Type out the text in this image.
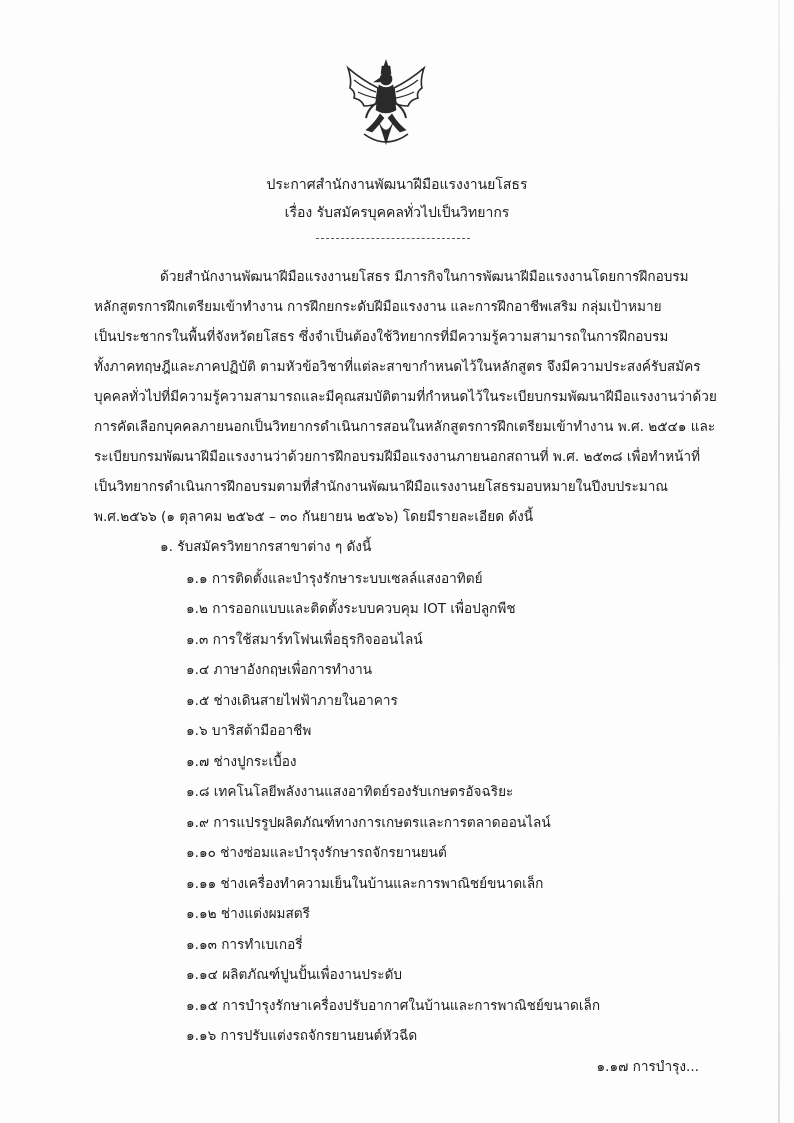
ประกาศสำนักงานพัฒนาฝีมือแรงงานยโสธร
เรื่อง รับสมัครบุคคลทั่วไปเป็นวิทยากร
ด้วยสำนักงานพัฒนาฝีมือแรงงานยโสธร มีภารกิจในการพัฒนาฝีมือแรงงานโดยการฝึกอบรม
หลักสูตรการฝึกเตรียมเข้าทำงาน การฝึกยกระดับฝีมือแรงงาน และการฝึกอาชีพเสริม กลุ่มเป้าหมาย
เป็นประชากรในพื้นที่จังหวัดยโสธร ซึ่งจำเป็นต้องใช้วิทยากรที่มีความรู้ความสามารถในการฝึกอบรม
ทั้งภาคทฤษฎีและภาคปฏิบัติ ตามหัวข้อวิชาที่แต่ละสาขากำหนดไว้ในหลักสูตร จึงมีความประสงค์รับสมัคร
บุคคลทั่วไปที่มีความรู้ความสามารถและมีคุณสมบัติตามที่กำหนดไว้ในระเบียบกรมพัฒนาฝีมือแรงงานว่าด้วย
การคัดเลือกบุคคลภายนอกเป็นวิทยากรดำเนินการสอนในหลักสูตรการฝึกเตรียมเข้าทำงาน พ.ศ. ๒๕๔๑ และ
ระเบียบกรมพัฒนาฝีมือแรงงานว่าด้วยการฝึกอบรมฝีมือแรงงานภายนอกสถานที่ พ.ศ. ๒๕๓๘ เพื่อทำหน้าที่
เป็นวิทยากรดำเนินการฝึกอบรมตามที่สำนักงานพัฒนาฝีมือแรงงานยโสธรมอบหมายในปีงบประมาณ
พ.ศ.๒๕๖๖ (๑ ตุลาคม ๒๕๖๕ – ๓๐ กันยายน ๒๕๖๖) โดยมีรายละเอียด ดังนี้
๑. รับสมัครวิทยากรสาขาต่าง ๆ ดังนี้
๑.๑ การติดตั้งและบำรุงรักษาระบบเซลล์แสงอาทิตย์
๑.๒ การออกแบบและติดตั้งระบบควบคุม IOT เพื่อปลูกพืช
๑.๓ การใช้สมาร์ทโฟนเพื่อธุรกิจออนไลน์
๑.๔ ภาษาอังกฤษเพื่อการทำงาน
๑.๕ ช่างเดินสายไฟฟ้าภายในอาคาร
๑.๖ บาริสต้ามืออาชีพ
๑.๗ ช่างปูกระเบื้อง
๑.๘ เทคโนโลยีพลังงานแสงอาทิตย์รองรับเกษตรอัจฉริยะ
๑.๙ การแปรรูปผลิตภัณฑ์ทางการเกษตรและการตลาดออนไลน์
๑.๑๐ ช่างซ่อมและบำรุงรักษารถจักรยานยนต์
๑.๑๑ ช่างเครื่องทำความเย็นในบ้านและการพาณิชย์ขนาดเล็ก
๑.๑๒ ช่างแต่งผมสตรี
๑.๑๓ การทำเบเกอรี่
๑.๑๔ ผลิตภัณฑ์ปูนปั้นเพื่องานประดับ
๑.๑๕ การบำรุงรักษาเครื่องปรับอากาศในบ้านและการพาณิชย์ขนาดเล็ก
๑.๑๖ การปรับแต่งรถจักรยานยนต์หัวฉีด
๑.๑๗ การบำรุง...
